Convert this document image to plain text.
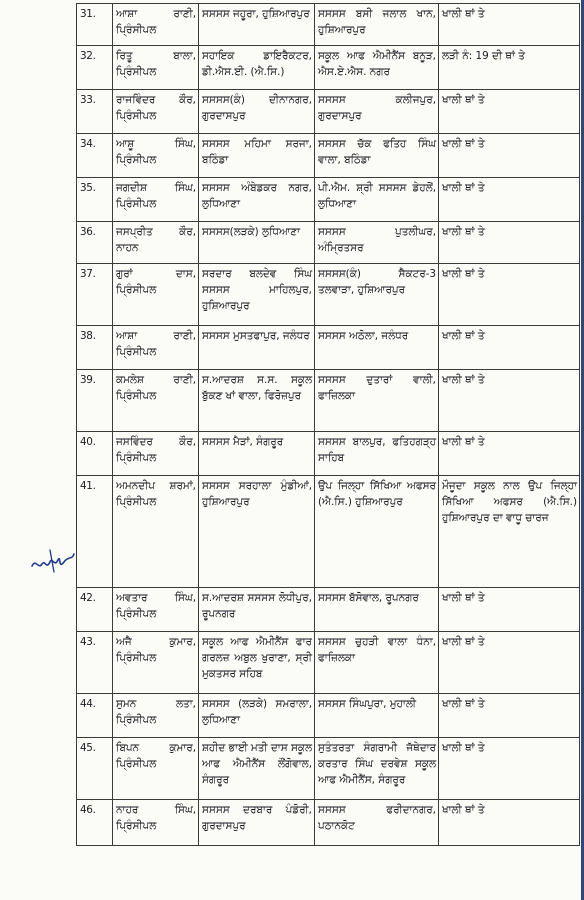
31.	ਆਸ਼ਾ ਰਾਣੀ, ਪ੍ਰਿੰਸੀਪਲ	ਸਸਸਸ ਜਹੂਰਾ, ਹੁਸ਼ਿਆਰਪੁਰ	ਸਸਸਸ ਬਸੀ ਜਲਾਲ ਖਾਨ, ਹੁਸ਼ਿਆਰਪੁਰ	ਖਾਲੀ ਥਾਂ ਤੇ
32.	ਰਿਤੂ ਬਾਲਾ, ਪ੍ਰਿੰਸੀਪਲ	ਸਹਾਇਕ ਡਾਇਰੈਕਟਰ, ਡੀ.ਐਸ.ਈ. (ਐ.ਸਿ.)	ਸਕੂਲ ਆਫ ਐਮੀਨੈਂਸ ਬਨੂੜ, ਐਸ.ਏ.ਐਸ. ਨਗਰ	ਲੜੀ ਨੰ: 19 ਦੀ ਥਾਂ ਤੇ
33.	ਰਾਜਵਿੰਦਰ ਕੌਰ, ਪ੍ਰਿੰਸੀਪਲ	ਸਸਸਸ(ਕੰ) ਦੀਨਾਨਗਰ, ਗੁਰਦਾਸਪੁਰ	ਸਸਸਸ ਕਲੀਜਪੁਰ, ਗੁਰਦਾਸਪੁਰ	ਖਾਲੀ ਥਾਂ ਤੇ
34.	ਆਸ਼ੂ ਸਿੰਘ, ਪ੍ਰਿੰਸੀਪਲ	ਸਸਸਸ ਮਹਿਮਾ ਸਰਜਾ, ਬਠਿੰਡਾ	ਸਸਸਸ ਚੱਕ ਫਤਿਹ ਸਿੰਘ ਵਾਲਾ, ਬਠਿੰਡਾ	ਖਾਲੀ ਥਾਂ ਤੇ
35.	ਜਗਦੀਸ਼ ਸਿੰਘ, ਪ੍ਰਿੰਸੀਪਲ	ਸਸਸਸ ਅੰਬੇਡਕਰ ਨਗਰ, ਲੁਧਿਆਣਾ	ਪੀ.ਐਮ. ਸ਼੍ਰੀ ਸਸਸਸ ਡੇਹਲੋਂ, ਲੁਧਿਆਣਾ	ਖਾਲੀ ਥਾਂ ਤੇ
36.	ਜਸਪ੍ਰੀਤ ਕੌਰ, ਨਾਹਨ	ਸਸਸਸ(ਲੜਕੇ) ਲੁਧਿਆਣਾ	ਸਸਸਸ ਪੁਤਲੀਘਰ, ਅੰਮ੍ਰਿਤਸਰ	ਖਾਲੀ ਥਾਂ ਤੇ
37.	ਗੁਰਾਂ ਦਾਸ, ਪ੍ਰਿੰਸੀਪਲ	ਸਰਦਾਰ ਬਲਦੇਵ ਸਿੰਘ ਸਸਸਸ ਮਾਹਿਲਪੁਰ, ਹੁਸ਼ਿਆਰਪੁਰ	ਸਸਸਸ(ਕੰ) ਸੈਕਟਰ-3 ਤਲਵਾੜਾ, ਹੁਸ਼ਿਆਰਪੁਰ	ਖਾਲੀ ਥਾਂ ਤੇ
38.	ਆਸ਼ਾ ਰਾਣੀ, ਪ੍ਰਿੰਸੀਪਲ	ਸਸਸਸ ਮੁਸਤਫਾਪੁਰ, ਜਲੰਧਰ	ਸਸਸਸ ਅਠੋਲਾ, ਜਲੰਧਰ	ਖਾਲੀ ਥਾਂ ਤੇ
39.	ਕਮਲੇਸ਼ ਰਾਣੀ, ਪ੍ਰਿੰਸੀਪਲ	ਸ.ਆਦਰਸ਼ ਸ.ਸ. ਸਕੂਲ ਬੁੱਕਣ ਖਾਂ ਵਾਲਾ, ਫਿਰੋਜ਼ਪੁਰ	ਸਸਸਸ ਦੁਤਾਰਾਂ ਵਾਲੀ, ਫਾਜ਼ਿਲਕਾ	ਖਾਲੀ ਥਾਂ ਤੇ
40.	ਜਸਵਿੰਦਰ ਕੌਰ, ਪ੍ਰਿੰਸੀਪਲ	ਸਸਸਸ ਮੈੜਾਂ, ਸੰਗਰੂਰ	ਸਸਸਸ ਬਾਲਪੁਰ, ਫਤਿਹਗੜ੍ਹ ਸਾਹਿਬ	ਖਾਲੀ ਥਾਂ ਤੇ
41.	ਅਮਨਦੀਪ ਸ਼ਰਮਾਂ, ਪ੍ਰਿੰਸੀਪਲ	ਸਸਸਸ ਸਰਹਾਲਾ ਮੁੰਡੀਆਂ, ਹੁਸ਼ਿਆਰਪੁਰ	ਉਪ ਜਿਲ੍ਹਾ ਸਿੱਖਿਆ ਅਫਸਰ (ਐ.ਸਿ.) ਹੁਸ਼ਿਆਰਪੁਰ	ਮੌਜੂਦਾ ਸਕੂਲ ਨਾਲ ਉਪ ਜਿਲ੍ਹਾ ਸਿੱਖਿਆ ਅਫਸਰ (ਐ.ਸਿ.) ਹੁਸ਼ਿਆਰਪੁਰ ਦਾ ਵਾਧੂ ਚਾਰਜ
42.	ਅਵਤਾਰ ਸਿੰਘ, ਪ੍ਰਿੰਸੀਪਲ	ਸ.ਆਦਰਸ਼ ਸਸਸਸ ਲੋਧੀਪੁਰ, ਰੂਪਨਗਰ	ਸਸਸਸ ਬੱਸੋਵਾਲ, ਰੂਪਨਗਰ	ਖਾਲੀ ਥਾਂ ਤੇ
43.	ਅਜੈ ਕੁਮਾਰ, ਪ੍ਰਿੰਸੀਪਲ	ਸਕੂਲ ਆਫ ਐਮੀਨੈਂਸ ਫਾਰ ਗਰਲਜ਼ ਅਬੁਲ ਖੁਰਾਣਾ, ਸ੍ਰੀ ਮੁਕਤਸਰ ਸਹਿਬ	ਸਸਸਸ ਚੁਹੜੀ ਵਾਲਾ ਧੰਨਾ, ਫਾਜ਼ਿਲਕਾ	ਖਾਲੀ ਥਾਂ ਤੇ
44.	ਸੁਮਨ ਲਤਾ, ਪ੍ਰਿੰਸੀਪਲ	ਸਸਸਸ (ਲੜਕੇ) ਸਮਰਾਲਾ, ਲੁਧਿਆਣਾ	ਸਸਸਸ ਸਿੰਘਪੁਰਾ, ਮੁਹਾਲੀ	ਖਾਲੀ ਥਾਂ ਤੇ
45.	ਬਿਪਨ ਕੁਮਾਰ, ਪ੍ਰਿੰਸੀਪਲ	ਸ਼ਹੀਦ ਭਾਈ ਮਤੀ ਦਾਸ ਸਕੂਲ ਆਫ ਐਮੀਨੈਂਸ ਲੌਂਗੋਵਾਲ, ਸੰਗਰੂਰ	ਸੁਤੰਤਰਤਾ ਸੰਗਰਾਮੀ ਜੱਥੇਦਾਰ ਕਰਤਾਰ ਸਿੰਘ ਦਰਵੇਸ਼ ਸਕੂਲ ਆਫ ਐਮੀਨੈਂਸ, ਸੰਗਰੂਰ	ਖਾਲੀ ਥਾਂ ਤੇ
46.	ਨਾਹਰ ਸਿੰਘ, ਪ੍ਰਿੰਸੀਪਲ	ਸਸਸਸ ਦਰਬਾਰ ਪੰਡੋਰੀ, ਗੁਰਦਾਸਪੁਰ	ਸਸਸਸ ਫਰੀਦਾਨਗਰ, ਪਠਾਨਕੋਟ	ਖਾਲੀ ਥਾਂ ਤੇ
